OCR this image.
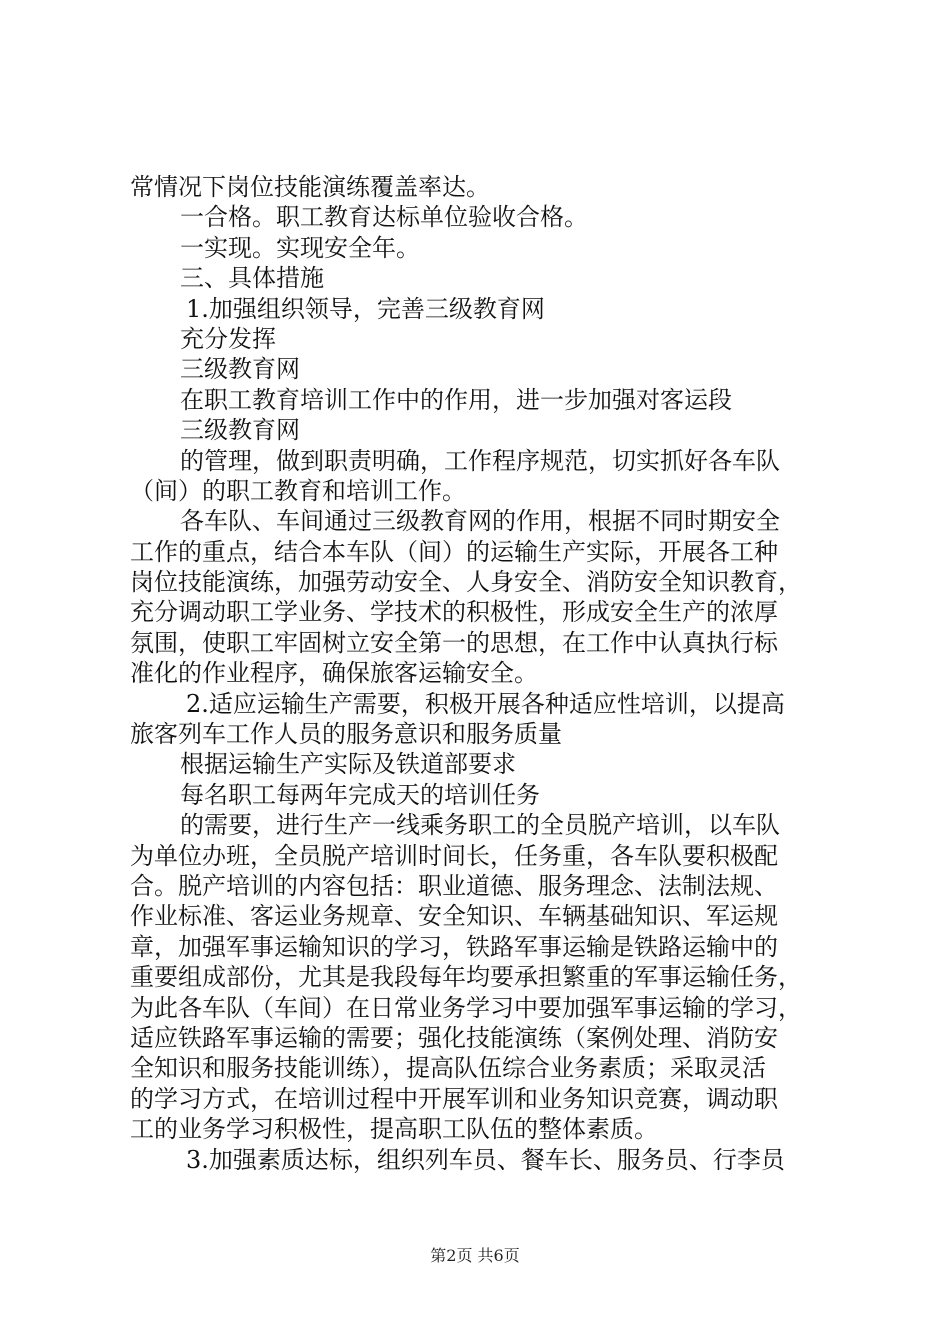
常情况下岗位技能演练覆盖率达。
一合格。职工教育达标单位验收合格。
一实现。实现安全年。
三、具体措施
1.加强组织领导，完善三级教育网
充分发挥
三级教育网
在职工教育培训工作中的作用，进一步加强对客运段
三级教育网
的管理，做到职责明确，工作程序规范，切实抓好各车队
（间）的职工教育和培训工作。
各车队、车间通过三级教育网的作用，根据不同时期安全
工作的重点，结合本车队（间）的运输生产实际，开展各工种
岗位技能演练，加强劳动安全、人身安全、消防安全知识教育，
充分调动职工学业务、学技术的积极性，形成安全生产的浓厚
氛围，使职工牢固树立安全第一的思想，在工作中认真执行标
准化的作业程序，确保旅客运输安全。
2.适应运输生产需要，积极开展各种适应性培训，以提高
旅客列车工作人员的服务意识和服务质量
根据运输生产实际及铁道部要求
每名职工每两年完成天的培训任务
的需要，进行生产一线乘务职工的全员脱产培训，以车队
为单位办班，全员脱产培训时间长，任务重，各车队要积极配
合。脱产培训的内容包括：职业道德、服务理念、法制法规、
作业标准、客运业务规章、安全知识、车辆基础知识、军运规
章，加强军事运输知识的学习，铁路军事运输是铁路运输中的
重要组成部份，尤其是我段每年均要承担繁重的军事运输任务，
为此各车队（车间）在日常业务学习中要加强军事运输的学习，
适应铁路军事运输的需要；强化技能演练（案例处理、消防安
全知识和服务技能训练），提高队伍综合业务素质；采取灵活
的学习方式，在培训过程中开展军训和业务知识竞赛，调动职
工的业务学习积极性，提高职工队伍的整体素质。
3.加强素质达标，组织列车员、餐车长、服务员、行李员
第2页 共6页
